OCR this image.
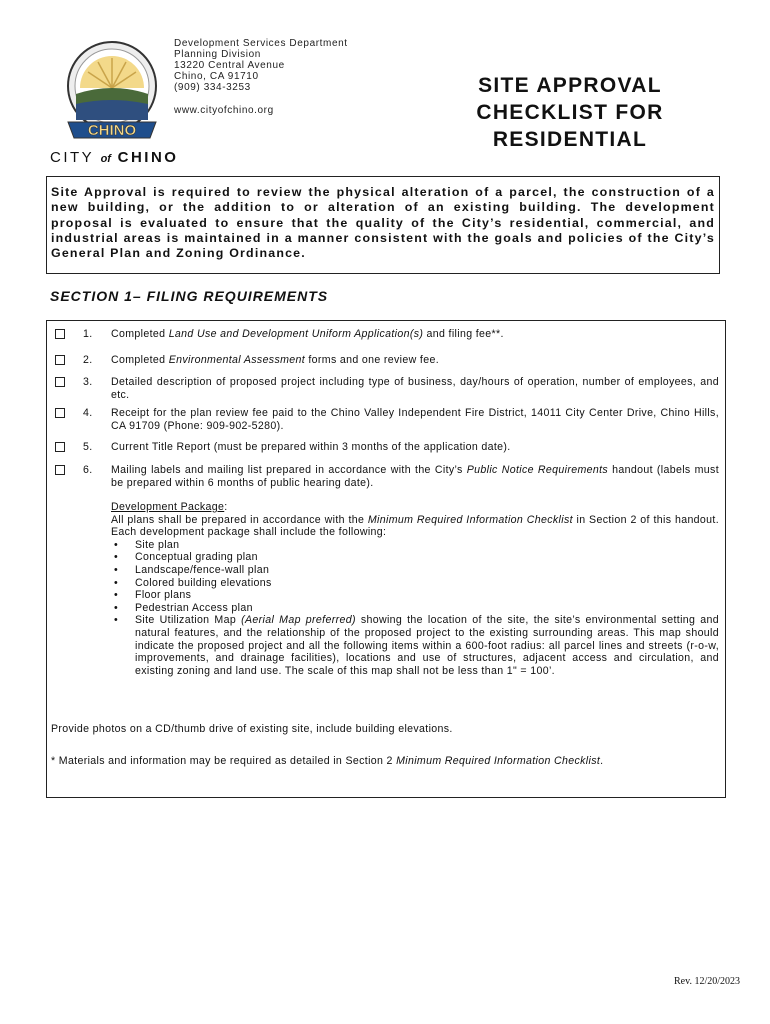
CHINO
Development Services Department
Planning Division
13220 Central Avenue
Chino, CA 91710
(909) 334-3253
www.cityofchino.org
SITE APPROVAL
CHECKLIST FOR
RESIDENTIAL
CITY of CHINO

Site Approval is required to review the physical alteration of a parcel, the construction of a new building, or the addition to or alteration of an existing building. The development proposal is evaluated to ensure that the quality of the City’s residential, commercial, and industrial areas is maintained in a manner consistent with the goals and policies of the City’s General Plan and Zoning Ordinance.

SECTION 1– FILING REQUIREMENTS
1. Completed Land Use and Development Uniform Application(s) and filing fee**.
2. Completed Environmental Assessment forms and one review fee.
3. Detailed description of proposed project including type of business, day/hours of operation, number of employees, and etc.
4. Receipt for the plan review fee paid to the Chino Valley Independent Fire District, 14011 City Center Drive, Chino Hills, CA 91709 (Phone: 909-902-5280).
5. Current Title Report (must be prepared within 3 months of the application date).
6. Mailing labels and mailing list prepared in accordance with the City’s Public Notice Requirements handout (labels must be prepared within 6 months of public hearing date).
Development Package:
All plans shall be prepared in accordance with the Minimum Required Information Checklist in Section 2 of this handout. Each development package shall include the following:
• Site plan
• Conceptual grading plan
• Landscape/fence-wall plan
• Colored building elevations
• Floor plans
• Pedestrian Access plan
• Site Utilization Map (Aerial Map preferred) showing the location of the site, the site’s environmental setting and natural features, and the relationship of the proposed project to the existing surrounding areas. This map should indicate the proposed project and all the following items within a 600-foot radius: all parcel lines and streets (r-o-w, improvements, and drainage facilities), locations and use of structures, adjacent access and circulation, and existing zoning and land use. The scale of this map shall not be less than 1" = 100’.
Provide photos on a CD/thumb drive of existing site, include building elevations.
* Materials and information may be required as detailed in Section 2 Minimum Required Information Checklist.
Rev. 12/20/2023
